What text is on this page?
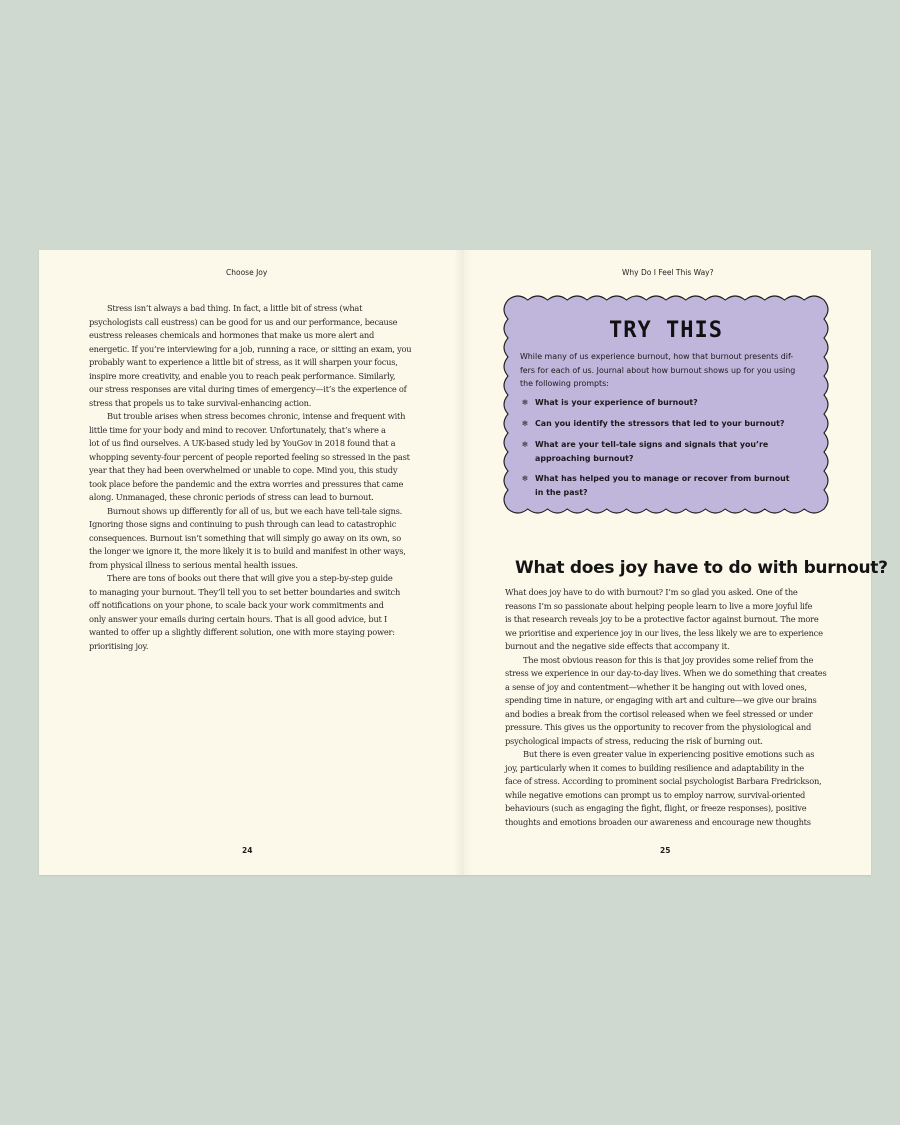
Choose Joy
Stress isn’t always a bad thing. In fact, a little bit of stress (what
psychologists call eustress) can be good for us and our performance, because
eustress releases chemicals and hormones that make us more alert and
energetic. If you’re interviewing for a job, running a race, or sitting an exam, you
probably want to experience a little bit of stress, as it will sharpen your focus,
inspire more creativity, and enable you to reach peak performance. Similarly,
our stress responses are vital during times of emergency—it’s the experience of
stress that propels us to take survival-enhancing action.
But trouble arises when stress becomes chronic, intense and frequent with
little time for your body and mind to recover. Unfortunately, that’s where a
lot of us find ourselves. A UK-based study led by YouGov in 2018 found that a
whopping seventy-four percent of people reported feeling so stressed in the past
year that they had been overwhelmed or unable to cope. Mind you, this study
took place before the pandemic and the extra worries and pressures that came
along. Unmanaged, these chronic periods of stress can lead to burnout.
Burnout shows up differently for all of us, but we each have tell-tale signs.
Ignoring those signs and continuing to push through can lead to catastrophic
consequences. Burnout isn’t something that will simply go away on its own, so
the longer we ignore it, the more likely it is to build and manifest in other ways,
from physical illness to serious mental health issues.
There are tons of books out there that will give you a step-by-step guide
to managing your burnout. They’ll tell you to set better boundaries and switch
off notifications on your phone, to scale back your work commitments and
only answer your emails during certain hours. That is all good advice, but I
wanted to offer up a slightly different solution, one with more staying power:
prioritising joy.
24
Why Do I Feel This Way?
TRY THIS
While many of us experience burnout, how that burnout presents dif-
fers for each of us. Journal about how burnout shows up for you using
the following prompts:
❄ What is your experience of burnout?
❄ Can you identify the stressors that led to your burnout?
❄ What are your tell-tale signs and signals that you’re
approaching burnout?
❄ What has helped you to manage or recover from burnout
in the past?
What does joy have to do with burnout?
What does joy have to do with burnout? I’m so glad you asked. One of the
reasons I’m so passionate about helping people learn to live a more joyful life
is that research reveals joy to be a protective factor against burnout. The more
we prioritise and experience joy in our lives, the less likely we are to experience
burnout and the negative side effects that accompany it.
The most obvious reason for this is that joy provides some relief from the
stress we experience in our day-to-day lives. When we do something that creates
a sense of joy and contentment—whether it be hanging out with loved ones,
spending time in nature, or engaging with art and culture—we give our brains
and bodies a break from the cortisol released when we feel stressed or under
pressure. This gives us the opportunity to recover from the physiological and
psychological impacts of stress, reducing the risk of burning out.
But there is even greater value in experiencing positive emotions such as
joy, particularly when it comes to building resilience and adaptability in the
face of stress. According to prominent social psychologist Barbara Fredrickson,
while negative emotions can prompt us to employ narrow, survival-oriented
behaviours (such as engaging the fight, flight, or freeze responses), positive
thoughts and emotions broaden our awareness and encourage new thoughts
25
